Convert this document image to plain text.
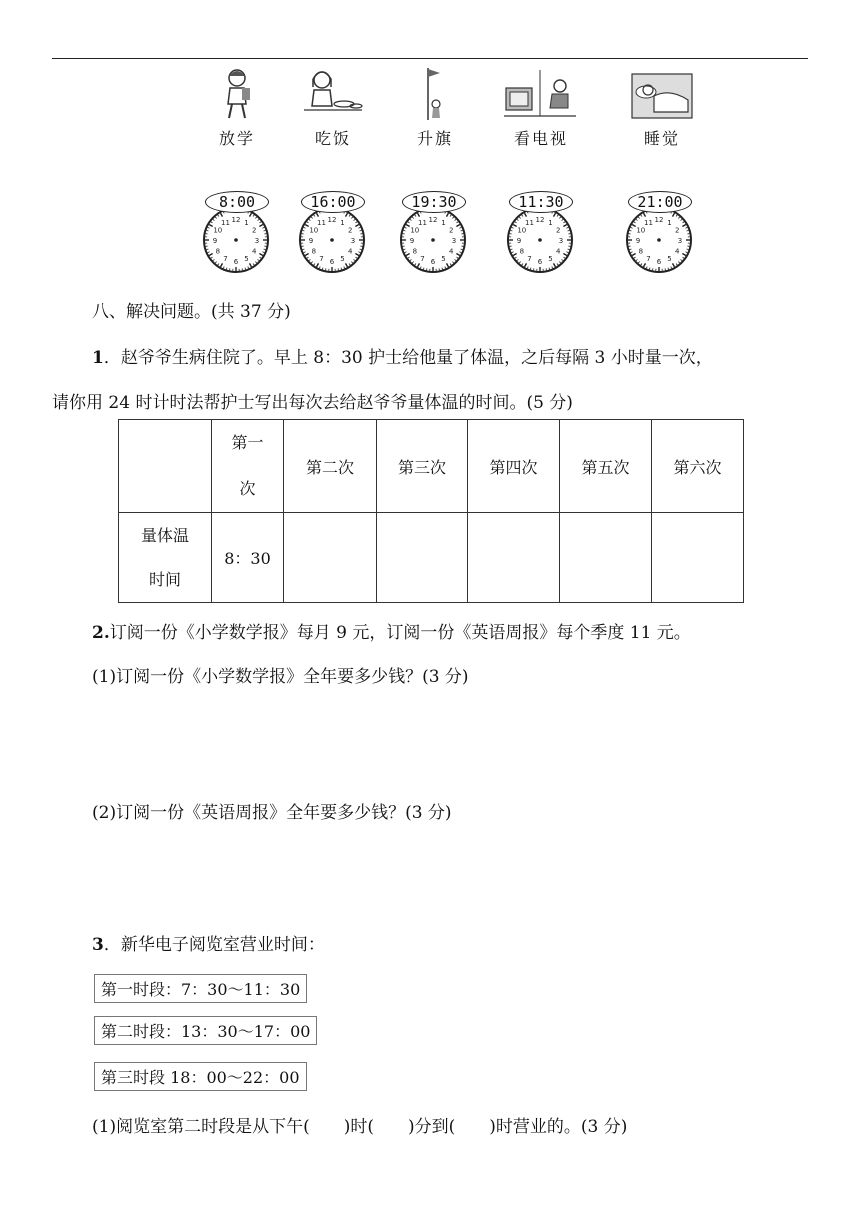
放学	吃饭	升旗	看电视	睡觉
8:00
1
2
3
4
5
6
7
8
9
10
11 12
16:00
1
2
3
4
5
6
7
8
9
10
11 12
19:30
1
2
3
4
5
6
7
8
9
10
11 12
11:30
1
2
3
4
5
6
7
8
9
10
11 12
21:00
1
2
3
4
5
6
7
8
9
10
11 12
八、解决问题。(共 37 分)
1．赵爷爷生病住院了。早上 8：30 护士给他量了体温，之后每隔 3 小时量一次，
请你用 24 时计时法帮护士写出每次去给赵爷爷量体温的时间。(5 分)
	第一次	第二次	第三次	第四次	第五次	第六次
量体温时间	8：30					
2.订阅一份《小学数学报》每月 9 元，订阅一份《英语周报》每个季度 11 元。
(1)订阅一份《小学数学报》全年要多少钱？(3 分)
(2)订阅一份《英语周报》全年要多少钱？(3 分)
3．新华电子阅览室营业时间：
第一时段：7：30～11：30
第二时段：13：30～17：00
第三时段 18：00～22：00
(1)阅览室第二时段是从下午(　　)时(　　)分到(　　)时营业的。(3 分)
